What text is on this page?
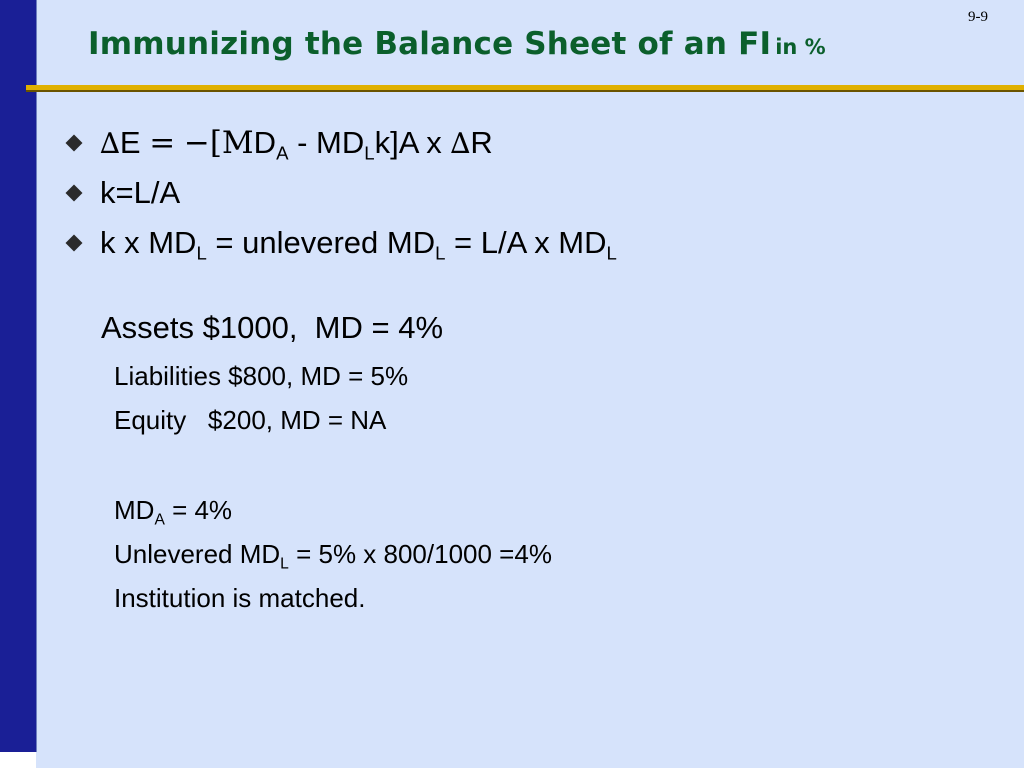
9-9
Immunizing the Balance Sheet of an FI in %
$\Delta E = -[MD_A - MD_Lk]A$ x ∆R
k=L/A
k x $MD_L$ = unlevered $MD_L = L/A$ x $MD_L$
Assets $1000,  MD = 4%
Liabilities $800, MD = 5%
Equity   $200, MD = NA
$MD_A = 4\%$
Unlevered $MD_L = 5\%$ x 800/1000 =4%
Institution is matched.
